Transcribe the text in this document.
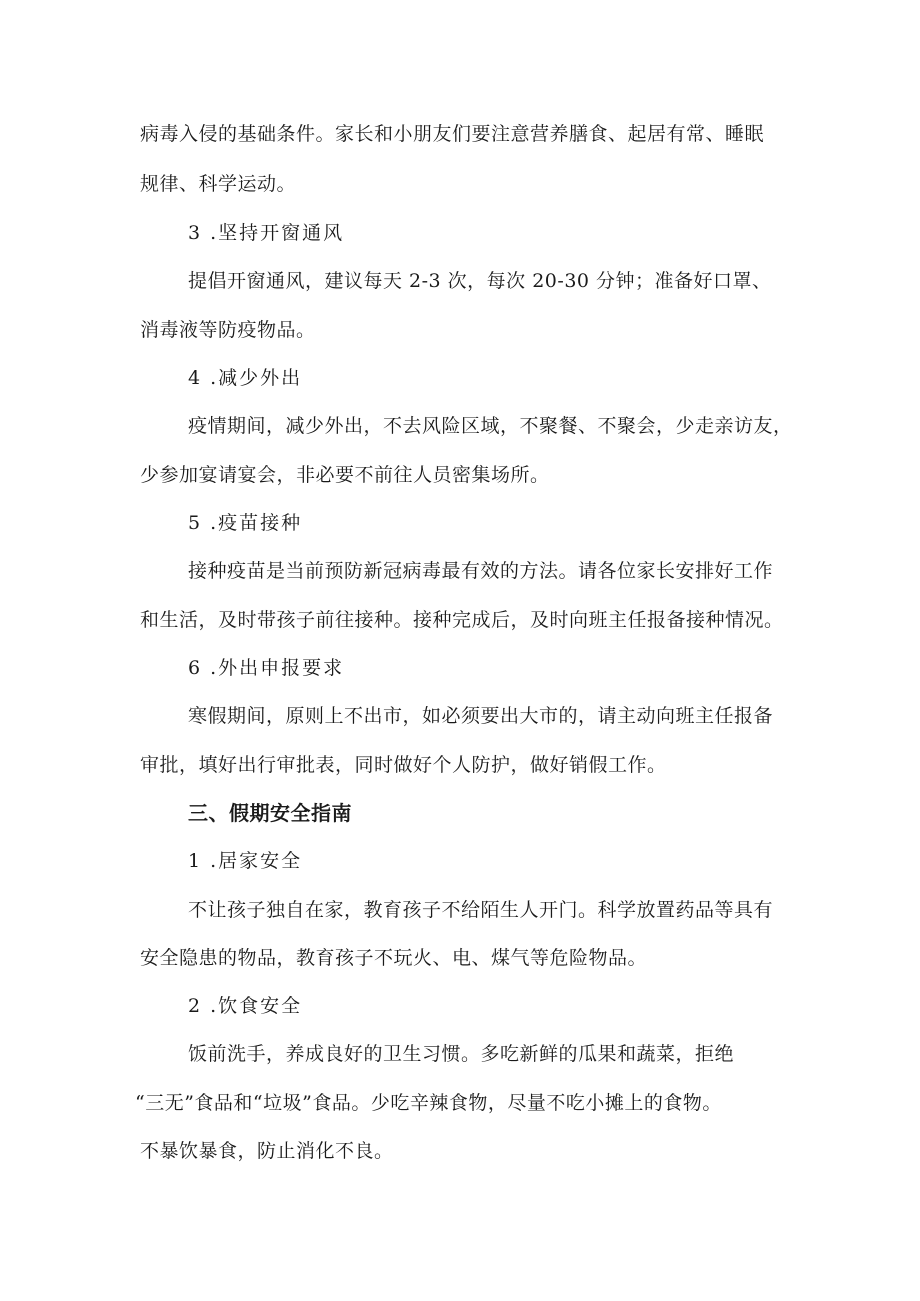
病毒入侵的基础条件。家长和小朋友们要注意营养膳食、起居有常、睡眠
规律、科学运动。
3 .坚持开窗通风
提倡开窗通风，建议每天 2-3 次，每次 20-30 分钟；准备好口罩、
消毒液等防疫物品。
4 .减少外出
疫情期间，减少外出，不去风险区域，不聚餐、不聚会，少走亲访友，
少参加宴请宴会，非必要不前往人员密集场所。
5 .疫苗接种
接种疫苗是当前预防新冠病毒最有效的方法。请各位家长安排好工作
和生活，及时带孩子前往接种。接种完成后，及时向班主任报备接种情况。
6 .外出申报要求
寒假期间，原则上不出市，如必须要出大市的，请主动向班主任报备
审批，填好出行审批表，同时做好个人防护，做好销假工作。
三、假期安全指南
1 .居家安全
不让孩子独自在家，教育孩子不给陌生人开门。科学放置药品等具有
安全隐患的物品，教育孩子不玩火、电、煤气等危险物品。
2 .饮食安全
饭前洗手，养成良好的卫生习惯。多吃新鲜的瓜果和蔬菜，拒绝
“三无”食品和“垃圾”食品。少吃辛辣食物，尽量不吃小摊上的食物。
不暴饮暴食，防止消化不良。
